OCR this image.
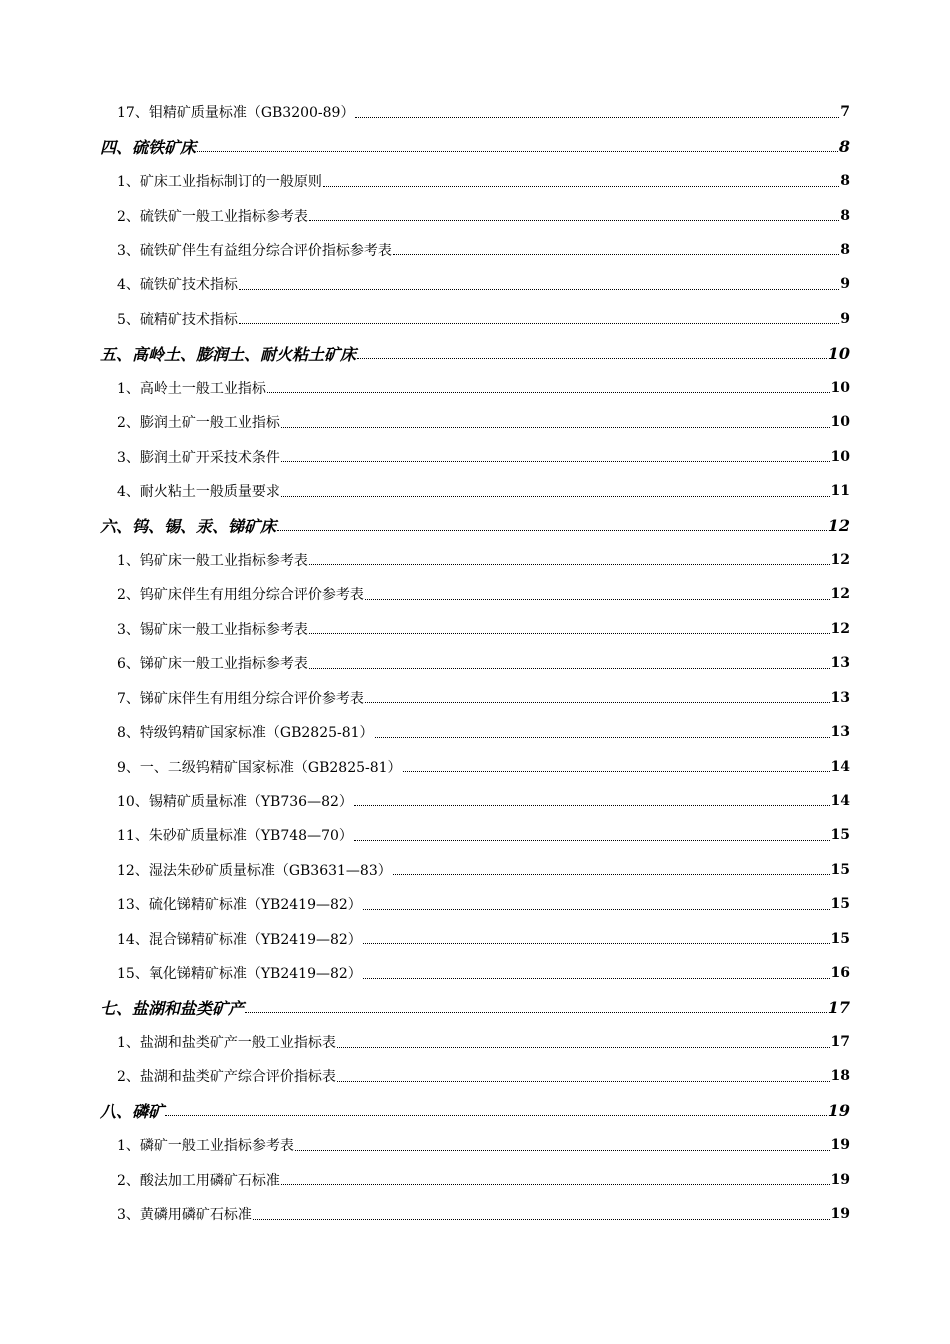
17、钼精矿质量标准（GB3200-89）	7
四、硫铁矿床	8
1、矿床工业指标制订的一般原则	8
2、硫铁矿一般工业指标参考表	8
3、硫铁矿伴生有益组分综合评价指标参考表	8
4、硫铁矿技术指标	9
5、硫精矿技术指标	9
五、高岭土、膨润土、耐火粘土矿床	10
1、高岭土一般工业指标	10
2、膨润土矿一般工业指标	10
3、膨润土矿开采技术条件	10
4、耐火粘土一般质量要求	11
六、钨、锡、汞、锑矿床	12
1、钨矿床一般工业指标参考表	12
2、钨矿床伴生有用组分综合评价参考表	12
3、锡矿床一般工业指标参考表	12
6、锑矿床一般工业指标参考表	13
7、锑矿床伴生有用组分综合评价参考表	13
8、特级钨精矿国家标准（GB2825-81）	13
9、一、二级钨精矿国家标准（GB2825-81）	14
10、锡精矿质量标准（YB736—82）	14
11、朱砂矿质量标准（YB748—70）	15
12、湿法朱砂矿质量标准（GB3631—83）	15
13、硫化锑精矿标准（YB2419—82）	15
14、混合锑精矿标准（YB2419—82）	15
15、氧化锑精矿标准（YB2419—82）	16
七、盐湖和盐类矿产	17
1、盐湖和盐类矿产一般工业指标表	17
2、盐湖和盐类矿产综合评价指标表	18
八、磷矿	19
1、磷矿一般工业指标参考表	19
2、酸法加工用磷矿石标准	19
3、黄磷用磷矿石标准	19
